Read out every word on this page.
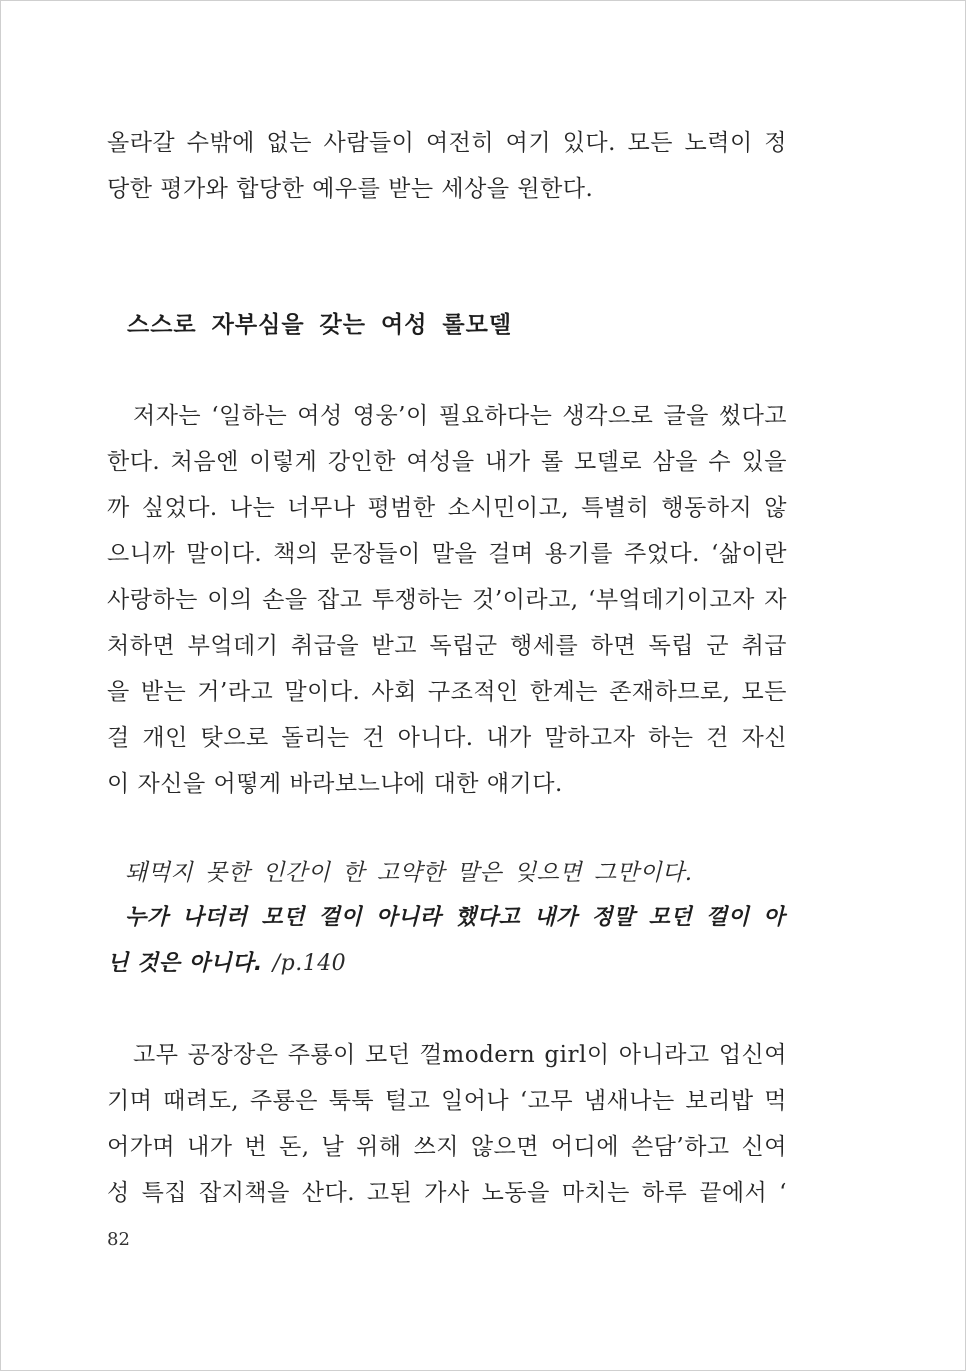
올라갈 수밖에 없는 사람들이 여전히 여기 있다. 모든 노력이 정
당한 평가와 합당한 예우를 받는 세상을 원한다.
스스로 자부심을 갖는 여성 롤모델
저자는 ‘일하는 여성 영웅’이 필요하다는 생각으로 글을 썼다고
한다. 처음엔 이렇게 강인한 여성을 내가 롤 모델로 삼을 수 있을
까 싶었다. 나는 너무나 평범한 소시민이고, 특별히 행동하지 않
으니까 말이다. 책의 문장들이 말을 걸며 용기를 주었다. ‘삶이란
사랑하는 이의 손을 잡고 투쟁하는 것’이라고, ‘부엌데기이고자 자
처하면 부엌데기 취급을 받고 독립군 행세를 하면 독립 군 취급
을 받는 거’라고 말이다. 사회 구조적인 한계는 존재하므로, 모든
걸 개인 탓으로 돌리는 건 아니다. 내가 말하고자 하는 건 자신
이 자신을 어떻게 바라보느냐에 대한 얘기다.
돼먹지 못한 인간이 한 고약한 말은 잊으면 그만이다.
누가 나더러 모던 껄이 아니라 했다고 내가 정말 모던 껄이 아
닌 것은 아니다. /p.140
고무 공장장은 주룡이 모던 껄modern girl이 아니라고 업신여
기며 때려도, 주룡은 툭툭 털고 일어나 ‘고무 냄새나는 보리밥 먹
어가며 내가 번 돈, 날 위해 쓰지 않으면 어디에 쓴담’하고 신여
성 특집 잡지책을 산다. 고된 가사 노동을 마치는 하루 끝에서 ‘
82
